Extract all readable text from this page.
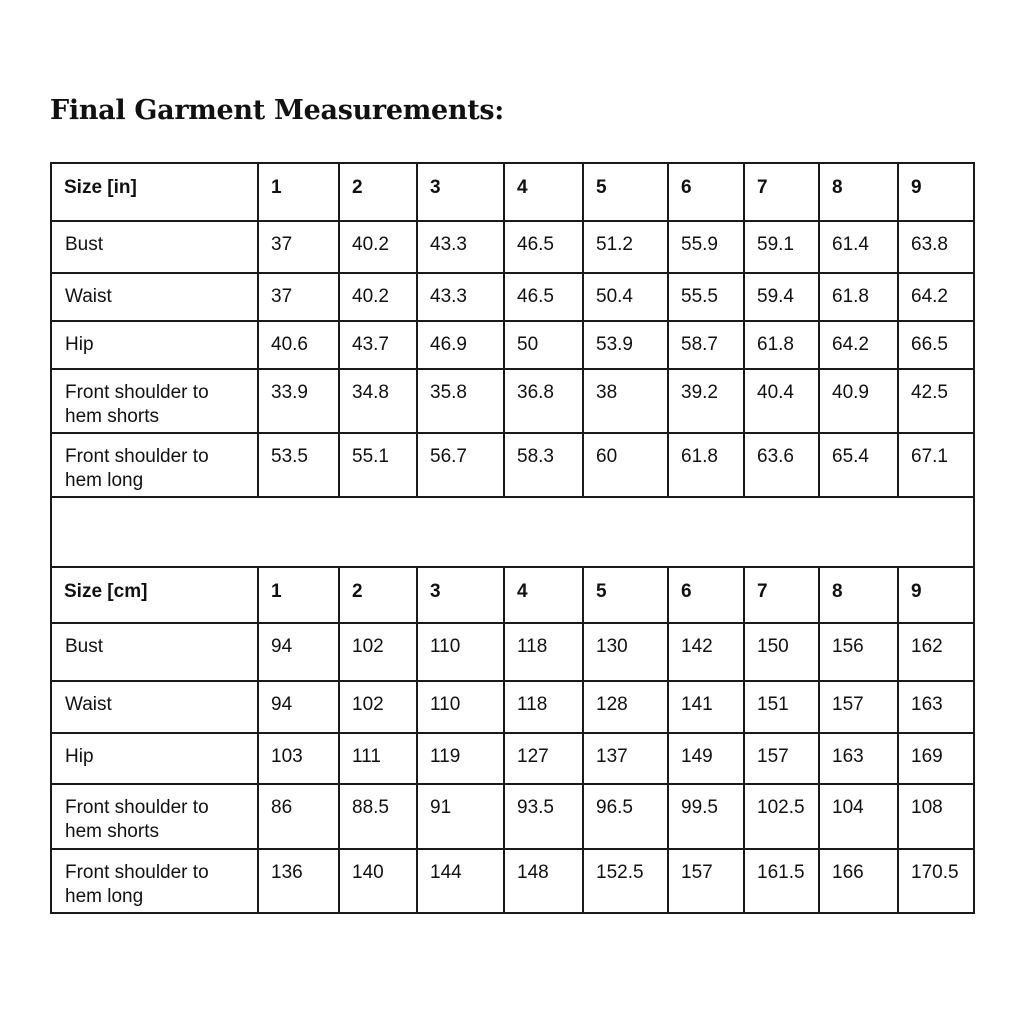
Final Garment Measurements:
Size [in]	1	2	3	4	5	6	7	8	9
Bust	37	40.2	43.3	46.5	51.2	55.9	59.1	61.4	63.8
Waist	37	40.2	43.3	46.5	50.4	55.5	59.4	61.8	64.2
Hip	40.6	43.7	46.9	50	53.9	58.7	61.8	64.2	66.5
Front shoulder to hem shorts	33.9	34.8	35.8	36.8	38	39.2	40.4	40.9	42.5
Front shoulder to hem long	53.5	55.1	56.7	58.3	60	61.8	63.6	65.4	67.1

Size [cm]	1	2	3	4	5	6	7	8	9
Bust	94	102	110	118	130	142	150	156	162
Waist	94	102	110	118	128	141	151	157	163
Hip	103	111	119	127	137	149	157	163	169
Front shoulder to hem shorts	86	88.5	91	93.5	96.5	99.5	102.5	104	108
Front shoulder to hem long	136	140	144	148	152.5	157	161.5	166	170.5
